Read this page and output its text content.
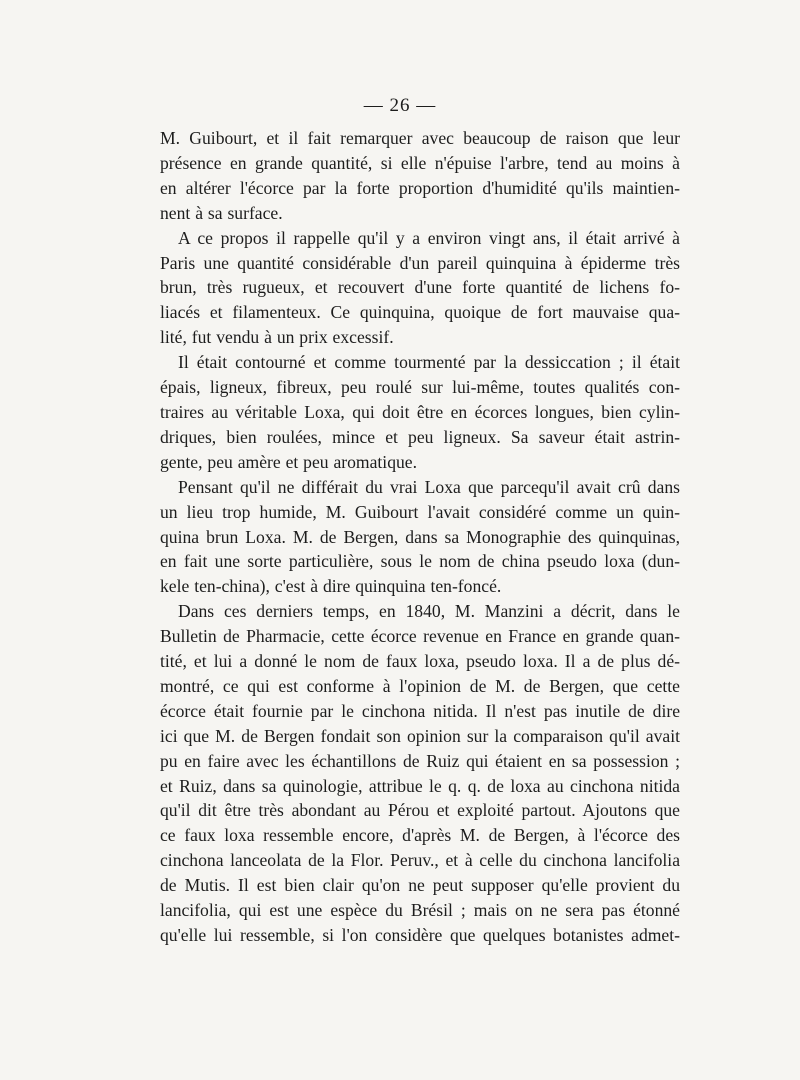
— 26 —

M. Guibourt, et il fait remarquer avec beaucoup de raison que leur
présence en grande quantité, si elle n'épuise l'arbre, tend au moins à
en altérer l'écorce par la forte proportion d'humidité qu'ils maintien-
nent à sa surface.

A ce propos il rappelle qu'il y a environ vingt ans, il était arrivé à
Paris une quantité considérable d'un pareil quinquina à épiderme très
brun, très rugueux, et recouvert d'une forte quantité de lichens fo-
liacés et filamenteux. Ce quinquina, quoique de fort mauvaise qua-
lité, fut vendu à un prix excessif.

Il était contourné et comme tourmenté par la dessiccation ; il était
épais, ligneux, fibreux, peu roulé sur lui-même, toutes qualités con-
traires au véritable Loxa, qui doit être en écorces longues, bien cylin-
driques, bien roulées, mince et peu ligneux. Sa saveur était astrin-
gente, peu amère et peu aromatique.

Pensant qu'il ne différait du vrai Loxa que parcequ'il avait crû dans
un lieu trop humide, M. Guibourt l'avait considéré comme un quin-
quina brun Loxa. M. de Bergen, dans sa Monographie des quinquinas,
en fait une sorte particulière, sous le nom de china pseudo loxa (dun-
kele ten-china), c'est à dire quinquina ten-foncé.

Dans ces derniers temps, en 1840, M. Manzini a décrit, dans le
Bulletin de Pharmacie, cette écorce revenue en France en grande quan-
tité, et lui a donné le nom de faux loxa, pseudo loxa. Il a de plus dé-
montré, ce qui est conforme à l'opinion de M. de Bergen, que cette
écorce était fournie par le cinchona nitida. Il n'est pas inutile de dire
ici que M. de Bergen fondait son opinion sur la comparaison qu'il avait
pu en faire avec les échantillons de Ruiz qui étaient en sa possession ;
et Ruiz, dans sa quinologie, attribue le q. q. de loxa au cinchona nitida
qu'il dit être très abondant au Pérou et exploité partout. Ajoutons que
ce faux loxa ressemble encore, d'après M. de Bergen, à l'écorce des
cinchona lanceolata de la Flor. Peruv., et à celle du cinchona lancifolia
de Mutis. Il est bien clair qu'on ne peut supposer qu'elle provient du
lancifolia, qui est une espèce du Brésil ; mais on ne sera pas étonné
qu'elle lui ressemble, si l'on considère que quelques botanistes admet-
